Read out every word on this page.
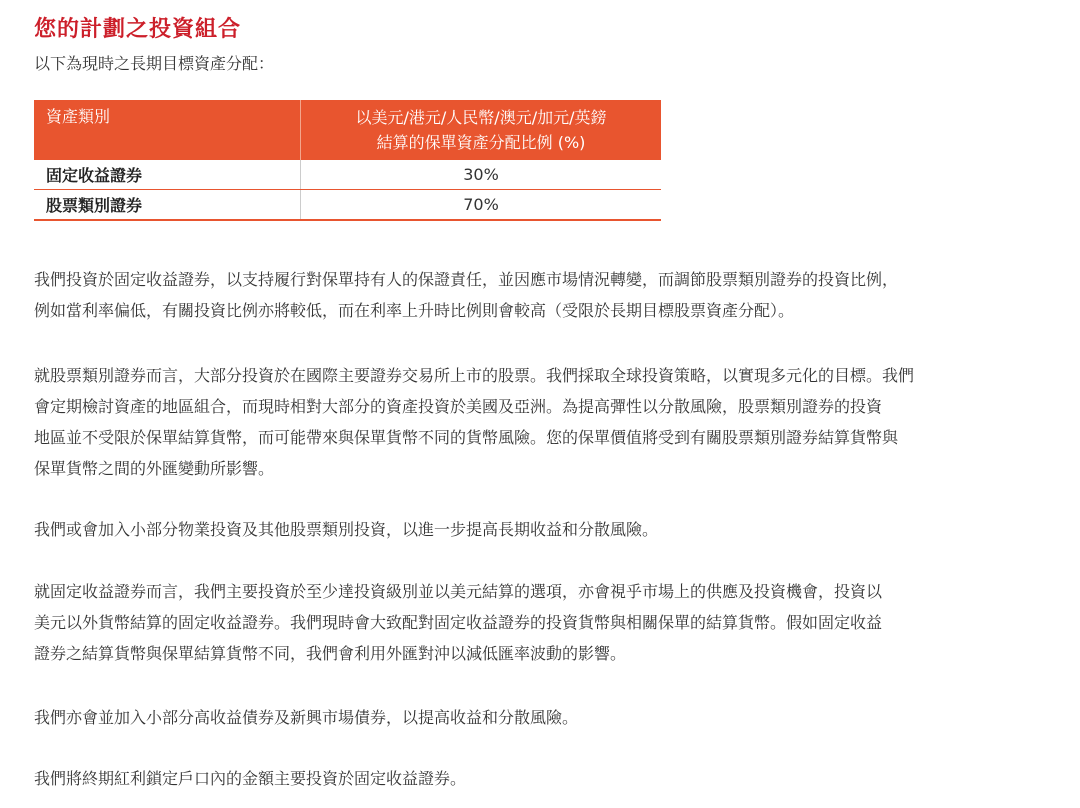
您的計劃之投資組合
以下為現時之長期目標資產分配：
資產類別	以美元/港元/人民幣/澳元/加元/英鎊
結算的保單資產分配比例 (%)

固定收益證券	30%
股票類別證券	70%
我們投資於固定收益證券，以支持履行對保單持有人的保證責任，並因應市場情況轉變，而調節股票類別證券的投資比例，
例如當利率偏低，有關投資比例亦將較低，而在利率上升時比例則會較高（受限於長期目標股票資產分配）。
就股票類別證券而言，大部分投資於在國際主要證券交易所上市的股票。我們採取全球投資策略，以實現多元化的目標。我們
會定期檢討資產的地區組合，而現時相對大部分的資產投資於美國及亞洲。為提高彈性以分散風險，股票類別證券的投資
地區並不受限於保單結算貨幣，而可能帶來與保單貨幣不同的貨幣風險。您的保單價值將受到有關股票類別證券結算貨幣與
保單貨幣之間的外匯變動所影響。
我們或會加入小部分物業投資及其他股票類別投資，以進一步提高長期收益和分散風險。
就固定收益證券而言，我們主要投資於至少達投資級別並以美元結算的選項，亦會視乎市場上的供應及投資機會，投資以
美元以外貨幣結算的固定收益證券。我們現時會大致配對固定收益證券的投資貨幣與相關保單的結算貨幣。假如固定收益
證券之結算貨幣與保單結算貨幣不同，我們會利用外匯對沖以減低匯率波動的影響。
我們亦會並加入小部分高收益債券及新興市場債券，以提高收益和分散風險。
我們將終期紅利鎖定戶口內的金額主要投資於固定收益證券。
